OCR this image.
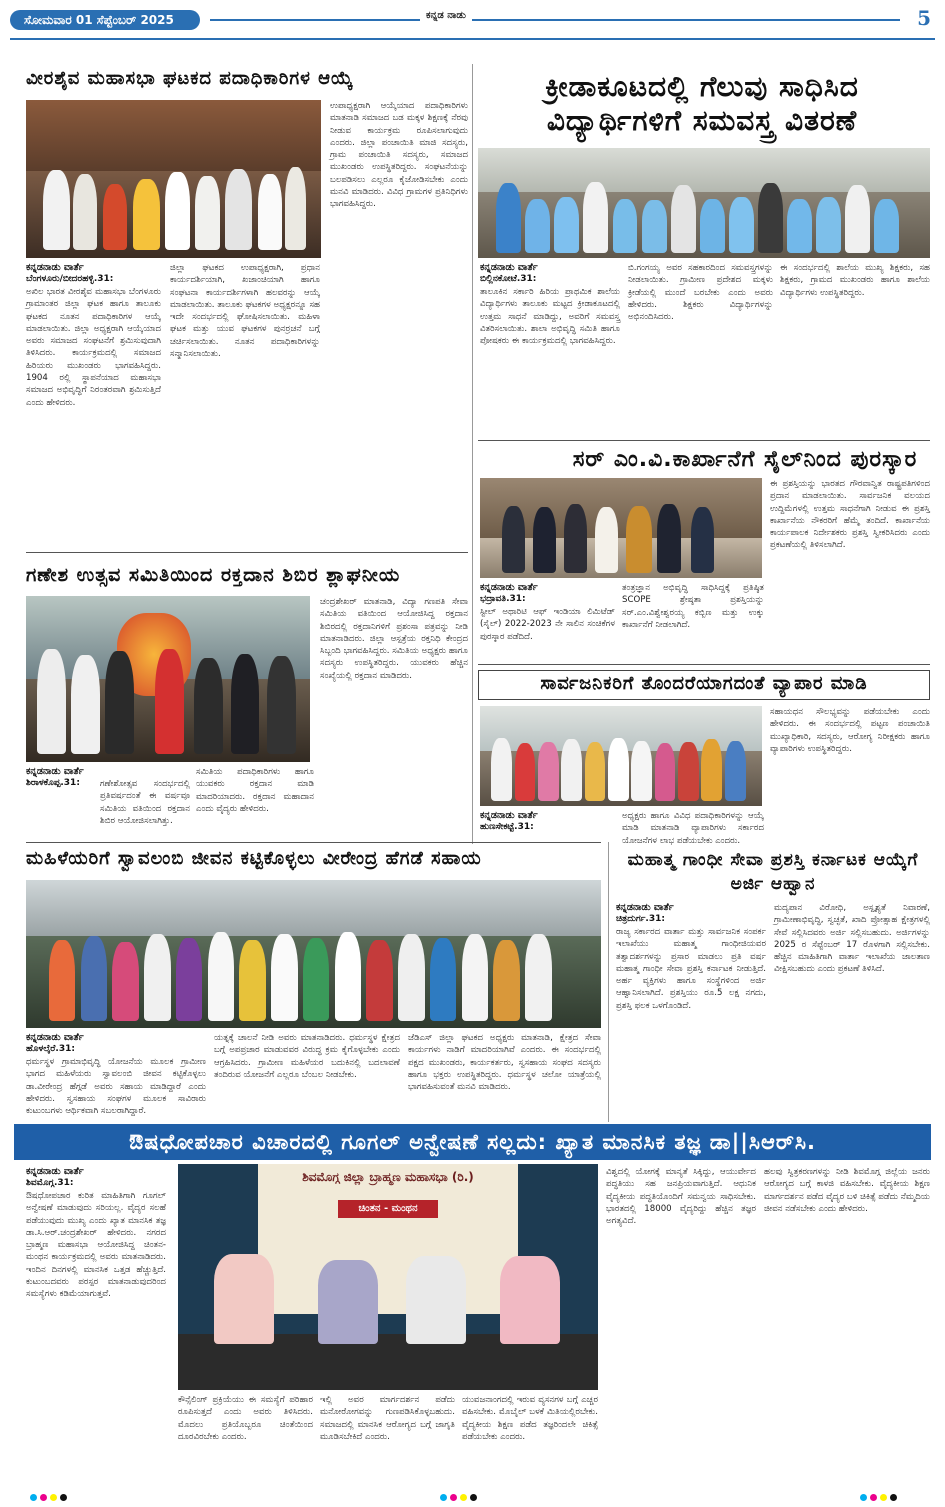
ಸೋಮವಾರ 01 ಸೆಪ್ಟೆಂಬರ್ 2025	ಕನ್ನಡ ನಾಡು	5
ವೀರಶೈವ ಮಹಾಸಭಾ ಘಟಕದ ಪದಾಧಿಕಾರಿಗಳ ಆಯ್ಕೆ
ಕನ್ನಡನಾಡು ವಾರ್ತೆ
ಬೆಂಗಳೂರು/ಬೀದರಹಳ್ಳಿ.31:
ಅಖಿಲ ಭಾರತ ವೀರಶೈವ ಮಹಾಸಭಾ ಬೆಂಗಳೂರು ಗ್ರಾಮಾಂತರ ಜಿಲ್ಲಾ ಘಟಕ ಹಾಗೂ ತಾಲೂಕು ಘಟಕದ ನೂತನ ಪದಾಧಿಕಾರಿಗಳ ಆಯ್ಕೆ ಮಾಡಲಾಯಿತು. ಜಿಲ್ಲಾ ಅಧ್ಯಕ್ಷರಾಗಿ ಆಯ್ಕೆಯಾದ ಅವರು ಸಮಾಜದ ಸಂಘಟನೆಗೆ ಶ್ರಮಿಸುವುದಾಗಿ ತಿಳಿಸಿದರು. ಕಾರ್ಯಕ್ರಮದಲ್ಲಿ ಸಮಾಜದ ಹಿರಿಯರು ಮುಖಂಡರು ಭಾಗವಹಿಸಿದ್ದರು. 1904 ರಲ್ಲಿ ಸ್ಥಾಪನೆಯಾದ ಮಹಾಸಭಾ ಸಮಾಜದ ಅಭಿವೃದ್ಧಿಗೆ ನಿರಂತರವಾಗಿ ಶ್ರಮಿಸುತ್ತಿದೆ ಎಂದು ಹೇಳಿದರು.
ಜಿಲ್ಲಾ ಘಟಕದ ಉಪಾಧ್ಯಕ್ಷರಾಗಿ, ಪ್ರಧಾನ ಕಾರ್ಯದರ್ಶಿಯಾಗಿ, ಖಜಾಂಚಿಯಾಗಿ ಹಾಗೂ ಸಂಘಟನಾ ಕಾರ್ಯದರ್ಶಿಗಳಾಗಿ ಹಲವರನ್ನು ಆಯ್ಕೆ ಮಾಡಲಾಯಿತು. ತಾಲೂಕು ಘಟಕಗಳ ಅಧ್ಯಕ್ಷರನ್ನೂ ಸಹ ಇದೇ ಸಂದರ್ಭದಲ್ಲಿ ಘೋಷಿಸಲಾಯಿತು. ಮಹಿಳಾ ಘಟಕ ಮತ್ತು ಯುವ ಘಟಕಗಳ ಪುನರ್ರಚನೆ ಬಗ್ಗೆ ಚರ್ಚಿಸಲಾಯಿತು. ನೂತನ ಪದಾಧಿಕಾರಿಗಳನ್ನು ಸನ್ಮಾನಿಸಲಾಯಿತು.
ಉಪಾಧ್ಯಕ್ಷರಾಗಿ ಆಯ್ಕೆಯಾದ ಪದಾಧಿಕಾರಿಗಳು ಮಾತನಾಡಿ ಸಮಾಜದ ಬಡ ಮಕ್ಕಳ ಶಿಕ್ಷಣಕ್ಕೆ ನೆರವು ನೀಡುವ ಕಾರ್ಯಕ್ರಮ ರೂಪಿಸಲಾಗುವುದು ಎಂದರು. ಜಿಲ್ಲಾ ಪಂಚಾಯಿತಿ ಮಾಜಿ ಸದಸ್ಯರು, ಗ್ರಾಮ ಪಂಚಾಯಿತಿ ಸದಸ್ಯರು, ಸಮಾಜದ ಮುಖಂಡರು ಉಪಸ್ಥಿತರಿದ್ದರು. ಸಂಘಟನೆಯನ್ನು ಬಲಪಡಿಸಲು ಎಲ್ಲರೂ ಕೈಜೋಡಿಸಬೇಕು ಎಂದು ಮನವಿ ಮಾಡಿದರು. ವಿವಿಧ ಗ್ರಾಮಗಳ ಪ್ರತಿನಿಧಿಗಳು ಭಾಗವಹಿಸಿದ್ದರು.
ಕ್ರೀಡಾಕೂಟದಲ್ಲಿ ಗೆಲುವು ಸಾಧಿಸಿದ ವಿದ್ಯಾರ್ಥಿಗಳಿಗೆ ಸಮವಸ್ತ್ರ ವಿತರಣೆ
ಕನ್ನಡನಾಡು ವಾರ್ತೆ
ಬಿಲ್ಲಿನಕೋಟೆ.31:
ತಾಲೂಕಿನ ಸರ್ಕಾರಿ ಹಿರಿಯ ಪ್ರಾಥಮಿಕ ಶಾಲೆಯ ವಿದ್ಯಾರ್ಥಿಗಳು ತಾಲೂಕು ಮಟ್ಟದ ಕ್ರೀಡಾಕೂಟದಲ್ಲಿ ಉತ್ತಮ ಸಾಧನೆ ಮಾಡಿದ್ದು, ಅವರಿಗೆ ಸಮವಸ್ತ್ರ ವಿತರಿಸಲಾಯಿತು. ಶಾಲಾ ಅಭಿವೃದ್ಧಿ ಸಮಿತಿ ಹಾಗೂ ಪೋಷಕರು ಈ ಕಾರ್ಯಕ್ರಮದಲ್ಲಿ ಭಾಗವಹಿಸಿದ್ದರು.
ಬಿ.ಗಂಗಯ್ಯ ಅವರ ಸಹಕಾರದಿಂದ ಸಮವಸ್ತ್ರಗಳನ್ನು ನೀಡಲಾಯಿತು. ಗ್ರಾಮೀಣ ಪ್ರದೇಶದ ಮಕ್ಕಳು ಕ್ರೀಡೆಯಲ್ಲಿ ಮುಂದೆ ಬರಬೇಕು ಎಂದು ಅವರು ಹೇಳಿದರು. ಶಿಕ್ಷಕರು ವಿದ್ಯಾರ್ಥಿಗಳನ್ನು ಅಭಿನಂದಿಸಿದರು.
ಈ ಸಂದರ್ಭದಲ್ಲಿ ಶಾಲೆಯ ಮುಖ್ಯ ಶಿಕ್ಷಕರು, ಸಹ ಶಿಕ್ಷಕರು, ಗ್ರಾಮದ ಮುಖಂಡರು ಹಾಗೂ ಶಾಲೆಯ ವಿದ್ಯಾರ್ಥಿಗಳು ಉಪಸ್ಥಿತರಿದ್ದರು.
ಸರ್ ಎಂ.ವಿ.ಕಾರ್ಖಾನೆಗೆ ಸೈಲ್‌ನಿಂದ ಪುರಸ್ಕಾರ
ಈ ಪ್ರಶಸ್ತಿಯನ್ನು ಭಾರತದ ಗೌರವಾನ್ವಿತ ರಾಷ್ಟ್ರಪತಿಗಳಿಂದ ಪ್ರದಾನ ಮಾಡಲಾಯಿತು. ಸಾರ್ವಜನಿಕ ವಲಯದ ಉದ್ದಿಮೆಗಳಲ್ಲಿ ಉತ್ತಮ ಸಾಧನೆಗಾಗಿ ನೀಡುವ ಈ ಪ್ರಶಸ್ತಿ ಕಾರ್ಖಾನೆಯ ನೌಕರರಿಗೆ ಹೆಮ್ಮೆ ತಂದಿದೆ. ಕಾರ್ಖಾನೆಯ ಕಾರ್ಯಪಾಲಕ ನಿರ್ದೇಶಕರು ಪ್ರಶಸ್ತಿ ಸ್ವೀಕರಿಸಿದರು ಎಂದು ಪ್ರಕಟಣೆಯಲ್ಲಿ ತಿಳಿಸಲಾಗಿದೆ.
ಕನ್ನಡನಾಡು ವಾರ್ತೆ
ಭದ್ರಾವತಿ.31:
ಸ್ಟೀಲ್ ಅಥಾರಿಟಿ ಆಫ್ ಇಂಡಿಯಾ ಲಿಮಿಟೆಡ್ (ಸೈಲ್) 2022-2023 ನೇ ಸಾಲಿನ ಸಂಚಿಕೆಗಳ ಪುರಸ್ಕಾರ ಪಡೆದಿದೆ.
ತಂತ್ರಜ್ಞಾನ ಅಭಿವೃದ್ಧಿ ಸಾಧಿಸಿದ್ದಕ್ಕೆ ಪ್ರತಿಷ್ಠಿತ SCOPE ಶ್ರೇಷ್ಠತಾ ಪ್ರಶಸ್ತಿಯನ್ನು ಸರ್.ಎಂ.ವಿಶ್ವೇಶ್ವರಯ್ಯ ಕಬ್ಬಿಣ ಮತ್ತು ಉಕ್ಕು ಕಾರ್ಖಾನೆಗೆ ನೀಡಲಾಗಿದೆ.
ಗಣೇಶ ಉತ್ಸವ ಸಮಿತಿಯಿಂದ ರಕ್ತದಾನ ಶಿಬಿರ ಶ್ಲಾಘನೀಯ
ಚಂದ್ರಶೇಖರ್ ಮಾತನಾಡಿ, ವಿದ್ಯಾ ಗಣಪತಿ ಸೇವಾ ಸಮಿತಿಯ ವತಿಯಿಂದ ಆಯೋಜಿಸಿದ್ದ ರಕ್ತದಾನ ಶಿಬಿರದಲ್ಲಿ ರಕ್ತದಾನಿಗಳಿಗೆ ಪ್ರಶಂಸಾ ಪತ್ರವನ್ನು ನೀಡಿ ಮಾತನಾಡಿದರು. ಜಿಲ್ಲಾ ಆಸ್ಪತ್ರೆಯ ರಕ್ತನಿಧಿ ಕೇಂದ್ರದ ಸಿಬ್ಬಂದಿ ಭಾಗವಹಿಸಿದ್ದರು. ಸಮಿತಿಯ ಅಧ್ಯಕ್ಷರು ಹಾಗೂ ಸದಸ್ಯರು ಉಪಸ್ಥಿತರಿದ್ದರು. ಯುವಕರು ಹೆಚ್ಚಿನ ಸಂಖ್ಯೆಯಲ್ಲಿ ರಕ್ತದಾನ ಮಾಡಿದರು.
ಕನ್ನಡನಾಡು ವಾರ್ತೆ
ಶಿರಾಳಕೊಪ್ಪ.31: ಗಣೇಶೋತ್ಸವ ಸಂದರ್ಭದಲ್ಲಿ ಪ್ರತಿವರ್ಷದಂತೆ ಈ ವರ್ಷವೂ ಸಮಿತಿಯ ವತಿಯಿಂದ ರಕ್ತದಾನ ಶಿಬಿರ ಆಯೋಜಿಸಲಾಗಿತ್ತು.
ಸಮಿತಿಯ ಪದಾಧಿಕಾರಿಗಳು ಹಾಗೂ ಯುವಕರು ರಕ್ತದಾನ ಮಾಡಿ ಮಾದರಿಯಾದರು. ರಕ್ತದಾನ ಮಹಾದಾನ ಎಂದು ವೈದ್ಯರು ಹೇಳಿದರು.
ಸಾರ್ವಜನಿಕರಿಗೆ ತೊಂದರೆಯಾಗದಂತೆ ವ್ಯಾಪಾರ ಮಾಡಿ
ಸಹಾಯಧನ ಸೌಲಭ್ಯವನ್ನು ಪಡೆಯಬೇಕು ಎಂದು ಹೇಳಿದರು. ಈ ಸಂದರ್ಭದಲ್ಲಿ ಪಟ್ಟಣ ಪಂಚಾಯಿತಿ ಮುಖ್ಯಾಧಿಕಾರಿ, ಸದಸ್ಯರು, ಆರೋಗ್ಯ ನಿರೀಕ್ಷಕರು ಹಾಗೂ ವ್ಯಾಪಾರಿಗಳು ಉಪಸ್ಥಿತರಿದ್ದರು.
ಕನ್ನಡನಾಡು ವಾರ್ತೆ
ಹುಣಸೇಕಟ್ಟೆ.31:
ಅಧ್ಯಕ್ಷರು ಹಾಗೂ ವಿವಿಧ ಪದಾಧಿಕಾರಿಗಳನ್ನು ಆಯ್ಕೆ ಮಾಡಿ ಮಾತನಾಡಿ ವ್ಯಾಪಾರಿಗಳು ಸರ್ಕಾರದ ಯೋಜನೆಗಳ ಲಾಭ ಪಡೆಯಬೇಕು ಎಂದರು.
ಮಹಿಳೆಯರಿಗೆ ಸ್ವಾವಲಂಬಿ ಜೀವನ ಕಟ್ಟಿಕೊಳ್ಳಲು ವೀರೇಂದ್ರ ಹೆಗಡೆ ಸಹಾಯ
ಕನ್ನಡನಾಡು ವಾರ್ತೆ
ಹೊಳಲ್ಕೆರೆ.31:
ಧರ್ಮಸ್ಥಳ ಗ್ರಾಮಾಭಿವೃದ್ಧಿ ಯೋಜನೆಯ ಮೂಲಕ ಗ್ರಾಮೀಣ ಭಾಗದ ಮಹಿಳೆಯರು ಸ್ವಾವಲಂಬಿ ಜೀವನ ಕಟ್ಟಿಕೊಳ್ಳಲು ಡಾ.ವೀರೇಂದ್ರ ಹೆಗ್ಗಡೆ ಅವರು ಸಹಾಯ ಮಾಡಿದ್ದಾರೆ ಎಂದು ಹೇಳಿದರು. ಸ್ವಸಹಾಯ ಸಂಘಗಳ ಮೂಲಕ ಸಾವಿರಾರು ಕುಟುಂಬಗಳು ಆರ್ಥಿಕವಾಗಿ ಸಬಲರಾಗಿದ್ದಾರೆ.
ಯತ್ನಕ್ಕೆ ಚಾಲನೆ ನೀಡಿ ಅವರು ಮಾತನಾಡಿದರು. ಧರ್ಮಸ್ಥಳ ಕ್ಷೇತ್ರದ ಬಗ್ಗೆ ಅಪಪ್ರಚಾರ ಮಾಡುವವರ ವಿರುದ್ಧ ಕ್ರಮ ಕೈಗೊಳ್ಳಬೇಕು ಎಂದು ಆಗ್ರಹಿಸಿದರು. ಗ್ರಾಮೀಣ ಮಹಿಳೆಯರ ಬದುಕಿನಲ್ಲಿ ಬದಲಾವಣೆ ತಂದಿರುವ ಯೋಜನೆಗೆ ಎಲ್ಲರೂ ಬೆಂಬಲ ನೀಡಬೇಕು.
ಜೆಡಿಎಸ್ ಜಿಲ್ಲಾ ಘಟಕದ ಅಧ್ಯಕ್ಷರು ಮಾತನಾಡಿ, ಕ್ಷೇತ್ರದ ಸೇವಾ ಕಾರ್ಯಗಳು ನಾಡಿಗೆ ಮಾದರಿಯಾಗಿವೆ ಎಂದರು. ಈ ಸಂದರ್ಭದಲ್ಲಿ ಪಕ್ಷದ ಮುಖಂಡರು, ಕಾರ್ಯಕರ್ತರು, ಸ್ವಸಹಾಯ ಸಂಘದ ಸದಸ್ಯರು ಹಾಗೂ ಭಕ್ತರು ಉಪಸ್ಥಿತರಿದ್ದರು. ಧರ್ಮಸ್ಥಳ ಚಲೋ ಯಾತ್ರೆಯಲ್ಲಿ ಭಾಗವಹಿಸುವಂತೆ ಮನವಿ ಮಾಡಿದರು.
ಮಹಾತ್ಮ ಗಾಂಧೀ ಸೇವಾ ಪ್ರಶಸ್ತಿ ಕರ್ನಾಟಕ ಆಯ್ಕೆಗೆ ಅರ್ಜಿ ಆಹ್ವಾನ
ಕನ್ನಡನಾಡು ವಾರ್ತೆ
ಚಿತ್ರದುರ್ಗ.31:
ರಾಜ್ಯ ಸರ್ಕಾರದ ವಾರ್ತಾ ಮತ್ತು ಸಾರ್ವಜನಿಕ ಸಂಪರ್ಕ ಇಲಾಖೆಯು ಮಹಾತ್ಮ ಗಾಂಧೀಜಿಯವರ ತತ್ವಾದರ್ಶಗಳನ್ನು ಪ್ರಸಾರ ಮಾಡಲು ಪ್ರತಿ ವರ್ಷ ಮಹಾತ್ಮ ಗಾಂಧೀ ಸೇವಾ ಪ್ರಶಸ್ತಿ ಕರ್ನಾಟಕ ನೀಡುತ್ತಿದೆ. ಅರ್ಹ ವ್ಯಕ್ತಿಗಳು ಹಾಗೂ ಸಂಸ್ಥೆಗಳಿಂದ ಅರ್ಜಿ ಆಹ್ವಾನಿಸಲಾಗಿದೆ. ಪ್ರಶಸ್ತಿಯು ರೂ.5 ಲಕ್ಷ ನಗದು, ಪ್ರಶಸ್ತಿ ಫಲಕ ಒಳಗೊಂಡಿದೆ.
ಮದ್ಯಪಾನ ವಿರೋಧಿ, ಅಸ್ಪೃಶ್ಯತೆ ನಿವಾರಣೆ, ಗ್ರಾಮೀಣಾಭಿವೃದ್ಧಿ, ಸ್ವಚ್ಛತೆ, ಖಾದಿ ಪ್ರೋತ್ಸಾಹ ಕ್ಷೇತ್ರಗಳಲ್ಲಿ ಸೇವೆ ಸಲ್ಲಿಸಿದವರು ಅರ್ಜಿ ಸಲ್ಲಿಸಬಹುದು. ಅರ್ಜಿಗಳನ್ನು 2025 ರ ಸೆಪ್ಟೆಂಬರ್ 17 ರೊಳಗಾಗಿ ಸಲ್ಲಿಸಬೇಕು. ಹೆಚ್ಚಿನ ಮಾಹಿತಿಗಾಗಿ ವಾರ್ತಾ ಇಲಾಖೆಯ ಜಾಲತಾಣ ವೀಕ್ಷಿಸಬಹುದು ಎಂದು ಪ್ರಕಟಣೆ ತಿಳಿಸಿದೆ.
ಔಷಧೋಪಚಾರ ವಿಚಾರದಲ್ಲಿ ಗೂಗಲ್ ಅನ್ವೇಷಣೆ ಸಲ್ಲದು: ಖ್ಯಾತ ಮಾನಸಿಕ ತಜ್ಞ ಡಾ||ಸಿಆರ್‌ಸಿ.
ಕನ್ನಡನಾಡು ವಾರ್ತೆ
ಶಿವಮೊಗ್ಗ.31:
ಔಷಧೋಪಚಾರ ಕುರಿತ ಮಾಹಿತಿಗಾಗಿ ಗೂಗಲ್ ಅನ್ವೇಷಣೆ ಮಾಡುವುದು ಸರಿಯಲ್ಲ. ವೈದ್ಯರ ಸಲಹೆ ಪಡೆಯುವುದು ಮುಖ್ಯ ಎಂದು ಖ್ಯಾತ ಮಾನಸಿಕ ತಜ್ಞ ಡಾ.ಸಿ.ಆರ್.ಚಂದ್ರಶೇಖರ್ ಹೇಳಿದರು. ನಗರದ ಬ್ರಾಹ್ಮಣ ಮಹಾಸಭಾ ಆಯೋಜಿಸಿದ್ದ ಚಿಂತನ-ಮಂಥನ ಕಾರ್ಯಕ್ರಮದಲ್ಲಿ ಅವರು ಮಾತನಾಡಿದರು. ಇಂದಿನ ದಿನಗಳಲ್ಲಿ ಮಾನಸಿಕ ಒತ್ತಡ ಹೆಚ್ಚುತ್ತಿದೆ. ಕುಟುಂಬದವರು ಪರಸ್ಪರ ಮಾತನಾಡುವುದರಿಂದ ಸಮಸ್ಯೆಗಳು ಕಡಿಮೆಯಾಗುತ್ತವೆ.
ಶಿವಮೊಗ್ಗ ಜಿಲ್ಲಾ ಬ್ರಾಹ್ಮಣ ಮಹಾಸಭಾ (ರಿ.)
ಚಿಂತನ - ಮಂಥನ
ಕೌನ್ಸೆಲಿಂಗ್ ಪ್ರಕ್ರಿಯೆಯು ಈ ಸಮಸ್ಯೆಗೆ ಪರಿಹಾರ ರೂಪಿಸುತ್ತದೆ ಎಂದು ಅವರು ತಿಳಿಸಿದರು. ಮೊದಲು ಪ್ರತಿಯೊಬ್ಬರೂ ಚಿಂತೆಯಿಂದ ದೂರವಿರಬೇಕು ಎಂದರು.
ಇಲ್ಲಿ ಅವರ ಮಾರ್ಗದರ್ಶನ ಪಡೆದು ಮನೋರೋಗವನ್ನು ಗುಣಪಡಿಸಿಕೊಳ್ಳಬಹುದು. ಸಮಾಜದಲ್ಲಿ ಮಾನಸಿಕ ಆರೋಗ್ಯದ ಬಗ್ಗೆ ಜಾಗೃತಿ ಮೂಡಿಸಬೇಕಿದೆ ಎಂದರು.
ಯುವಜನಾಂಗದಲ್ಲಿ ಇರುವ ವ್ಯಸನಗಳ ಬಗ್ಗೆ ಎಚ್ಚರ ವಹಿಸಬೇಕು. ಮೊಬೈಲ್ ಬಳಕೆ ಮಿತಿಯಲ್ಲಿರಬೇಕು. ವೈದ್ಯಕೀಯ ಶಿಕ್ಷಣ ಪಡೆದ ತಜ್ಞರಿಂದಲೇ ಚಿಕಿತ್ಸೆ ಪಡೆಯಬೇಕು ಎಂದರು.
ವಿಶ್ವದಲ್ಲಿ ಯೋಗಕ್ಕೆ ಮಾನ್ಯತೆ ಸಿಕ್ಕಿದ್ದು, ಆಯುರ್ವೇದ ಪದ್ಧತಿಯು ಸಹ ಜನಪ್ರಿಯವಾಗುತ್ತಿದೆ. ಆಧುನಿಕ ವೈದ್ಯಕೀಯ ಪದ್ಧತಿಯೊಂದಿಗೆ ಸಮನ್ವಯ ಸಾಧಿಸಬೇಕು. ಭಾರತದಲ್ಲಿ 18000 ವೈದ್ಯರಿದ್ದು ಹೆಚ್ಚಿನ ತಜ್ಞರ ಅಗತ್ಯವಿದೆ.
ಹಲವು ಸ್ವಿತ್ರಕರಣಗಳನ್ನು ನೀಡಿ ಶಿವಮೊಗ್ಗ ಜಿಲ್ಲೆಯ ಜನರು ಆರೋಗ್ಯದ ಬಗ್ಗೆ ಕಾಳಜಿ ವಹಿಸಬೇಕು. ವೈದ್ಯಕೀಯ ಶಿಕ್ಷಣ ಮಾರ್ಗದರ್ಶನ ಪಡೆದ ವೈದ್ಯರ ಬಳಿ ಚಿಕಿತ್ಸೆ ಪಡೆದು ನೆಮ್ಮದಿಯ ಜೀವನ ನಡೆಸಬೇಕು ಎಂದು ಹೇಳಿದರು.
